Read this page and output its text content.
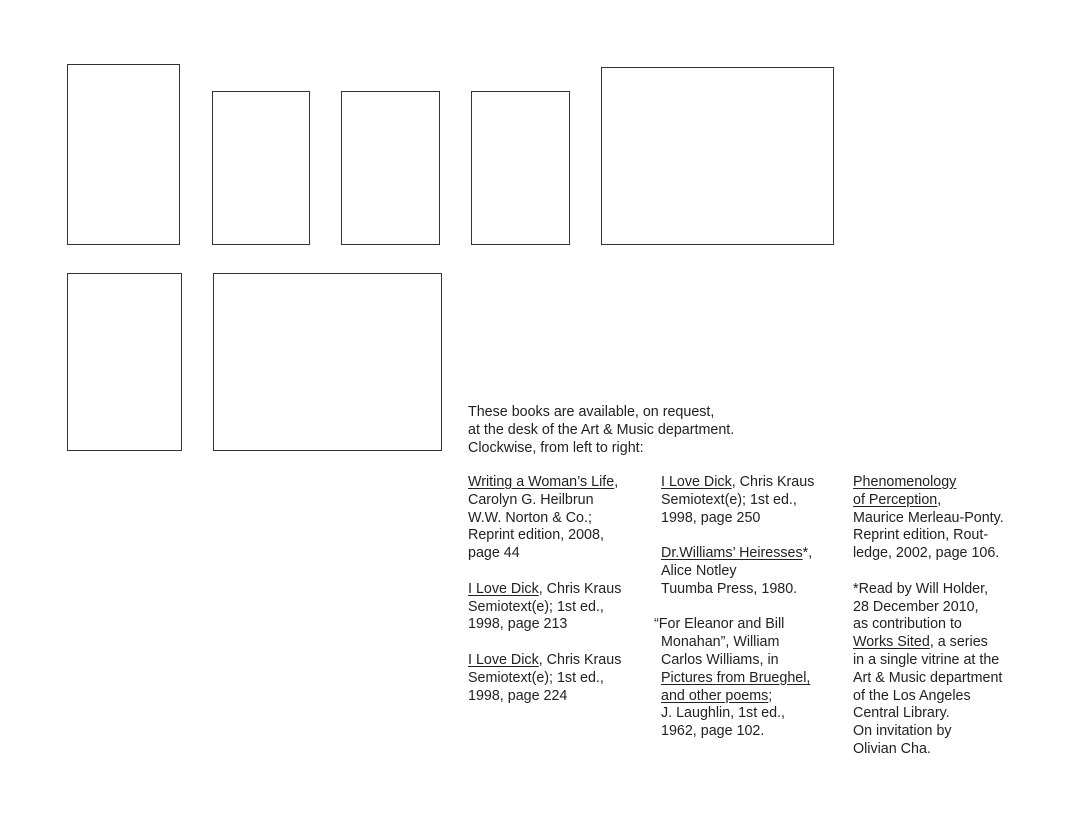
These books are available, on request,
at the desk of the Art & Music department.
Clockwise, from left to right:
Writing a Woman’s Life,
Carolyn G. Heilbrun
W.W. Norton & Co.;
Reprint edition, 2008,
page 44
I Love Dick, Chris Kraus
Semiotext(e); 1st ed.,
1998, page 213
I Love Dick, Chris Kraus
Semiotext(e); 1st ed.,
1998, page 224
I Love Dick, Chris Kraus
Semiotext(e); 1st ed.,
1998, page 250
Dr.Williams’ Heiresses*,
Alice Notley
Tuumba Press, 1980.
“For Eleanor and Bill
Monahan”, William
Carlos Williams, in
Pictures from Brueghel,
and other poems;
J. Laughlin, 1st ed.,
1962, page 102.
Phenomenology
of Perception,
Maurice Merleau-Ponty.
Reprint edition, Rout-
ledge, 2002, page 106.
*Read by Will Holder,
28 December 2010,
as contribution to
Works Sited, a series
in a single vitrine at the
Art & Music department
of the Los Angeles
Central Library.
On invitation by
Olivian Cha.
